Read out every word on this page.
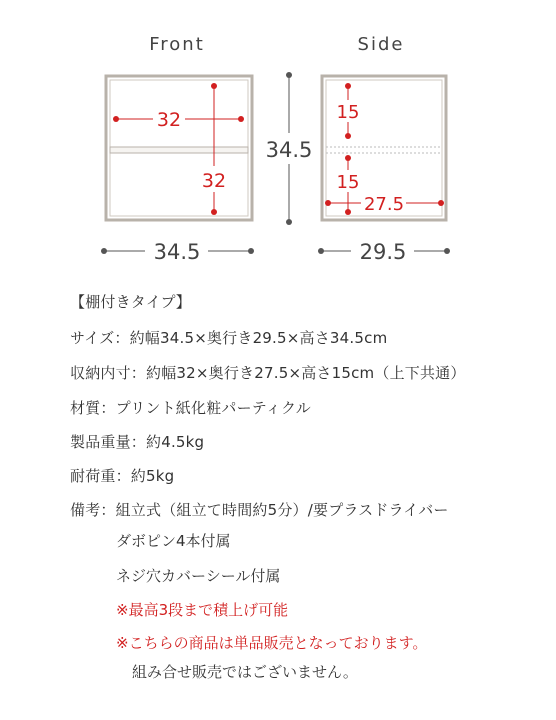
Front	Side
32
32
34.5
34.5
15
15
27.5
29.5
【棚付きタイプ】
サイズ：約幅34.5×奥行き29.5×高さ34.5cm
収納内寸：約幅32×奥行き27.5×高さ15cm（上下共通）
材質：プリント紙化粧パーティクル
製品重量：約4.5kg
耐荷重：約5kg
備考：組立式（組立て時間約5分）/要プラスドライバー
ダボピン4本付属
ネジ穴カバーシール付属
※最高3段まで積上げ可能
※こちらの商品は単品販売となっております。
組み合せ販売ではございません。
